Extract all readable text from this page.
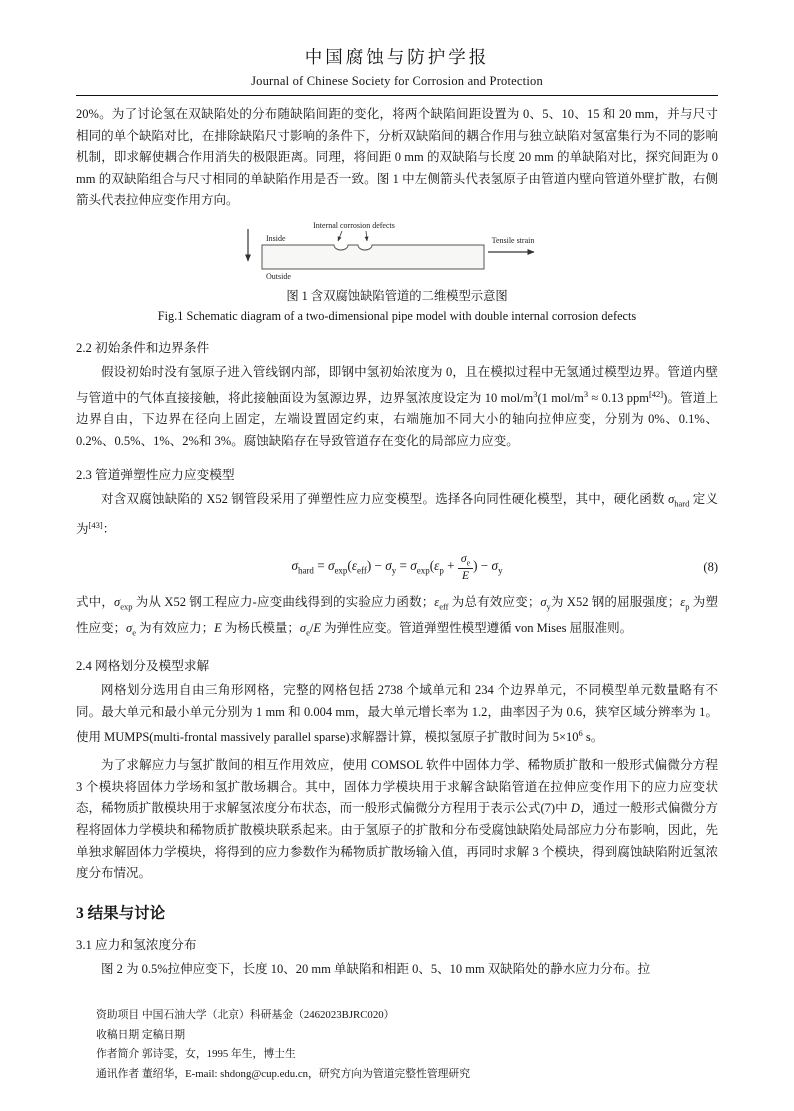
中国腐蚀与防护学报
Journal of Chinese Society for Corrosion and Protection

20%。为了讨论氢在双缺陷处的分布随缺陷间距的变化，将两个缺陷间距设置为 0、5、10、15 和 20 mm，并与尺寸相同的单个缺陷对比，在排除缺陷尺寸影响的条件下，分析双缺陷间的耦合作用与独立缺陷对氢富集行为不同的影响机制，即求解使耦合作用消失的极限距离。同理，将间距 0 mm 的双缺陷与长度 20 mm 的单缺陷对比，探究间距为 0 mm 的双缺陷组合与尺寸相同的单缺陷作用是否一致。图 1 中左侧箭头代表氢原子由管道内壁向管道外壁扩散，右侧箭头代表拉伸应变作用方向。

Inside
Outside
Internal corrosion defects
Tensile strain
图 1 含双腐蚀缺陷管道的二维模型示意图
Fig.1 Schematic diagram of a two-dimensional pipe model with double internal corrosion defects
2.2 初始条件和边界条件

假设初始时没有氢原子进入管线钢内部，即钢中氢初始浓度为 0，且在模拟过程中无氢通过模型边界。管道内壁与管道中的气体直接接触，将此接触面设为氢源边界，边界氢浓度设定为 10 mol/$m^3(1$ mol/$m^3 \approx 0.13$ ppm[42])。管道上边界自由，下边界在径向上固定，左端设置固定约束，右端施加不同大小的轴向拉伸应变，分别为 0%、0.1%、0.2%、0.5%、1%、2%和 3%。腐蚀缺陷存在导致管道存在变化的局部应力应变。

2.3 管道弹塑性应力应变模型

对含双腐蚀缺陷的 X52 钢管段采用了弹塑性应力应变模型。选择各向同性硬化模型，其中，硬化函数 $\sigma_{hard}$ 定义为[43]：

$\sigma_{hard} = \sigma_{exp}(\varepsilon_{eff}) - \sigma_y = \sigma_{exp}(\varepsilon_p + \frac{\sigma_e}{E}$ ) − $\sigma_y$	(8)

式中，$\sigma_{exp}$ 为从 X52 钢工程应力-应变曲线得到的实验应力函数；$\varepsilon_{eff}$ 为总有效应变；$\sigma_y$为 X52 钢的屈服强度；$\varepsilon_p$ 为塑性应变；$\sigma_e$ 为有效应力；E 为杨氏模量；$\sigma_e/E$ 为弹性应变。管道弹塑性模型遵循 von Mises 屈服准则。

2.4 网格划分及模型求解

网格划分选用自由三角形网格，完整的网格包括 2738 个域单元和 234 个边界单元，不同模型单元数量略有不同。最大单元和最小单元分别为 1 mm 和 0.004 mm，最大单元增长率为 1.2，曲率因子为 0.6，狭窄区域分辨率为 1。使用 MUMPS(multi-frontal massively parallel sparse)求解器计算，模拟氢原子扩散时间为 $5\times 10^6$ s。

为了求解应力与氢扩散间的相互作用效应，使用 COMSOL 软件中固体力学、稀物质扩散和一般形式偏微分方程 3 个模块将固体力学场和氢扩散场耦合。其中，固体力学模块用于求解含缺陷管道在拉伸应变作用下的应力应变状态，稀物质扩散模块用于求解氢浓度分布状态，而一般形式偏微分方程用于表示公式(7)中 D，通过一般形式偏微分方程将固体力学模块和稀物质扩散模块联系起来。由于氢原子的扩散和分布受腐蚀缺陷处局部应力分布影响，因此，先单独求解固体力学模块，将得到的应力参数作为稀物质扩散场输入值，再同时求解 3 个模块，得到腐蚀缺陷附近氢浓度分布情况。

3 结果与讨论
3.1 应力和氢浓度分布

图 2 为 0.5%拉伸应变下，长度 10、20 mm 单缺陷和相距 0、5、10 mm 双缺陷处的静水应力分布。拉

资助项目 中国石油大学（北京）科研基金（2462023BJRC020）
收稿日期 定稿日期
作者简介 郭诗雯，女，1995 年生，博士生
通讯作者 董绍华，E-mail: shdong@cup.edu.cn，研究方向为管道完整性管理研究
